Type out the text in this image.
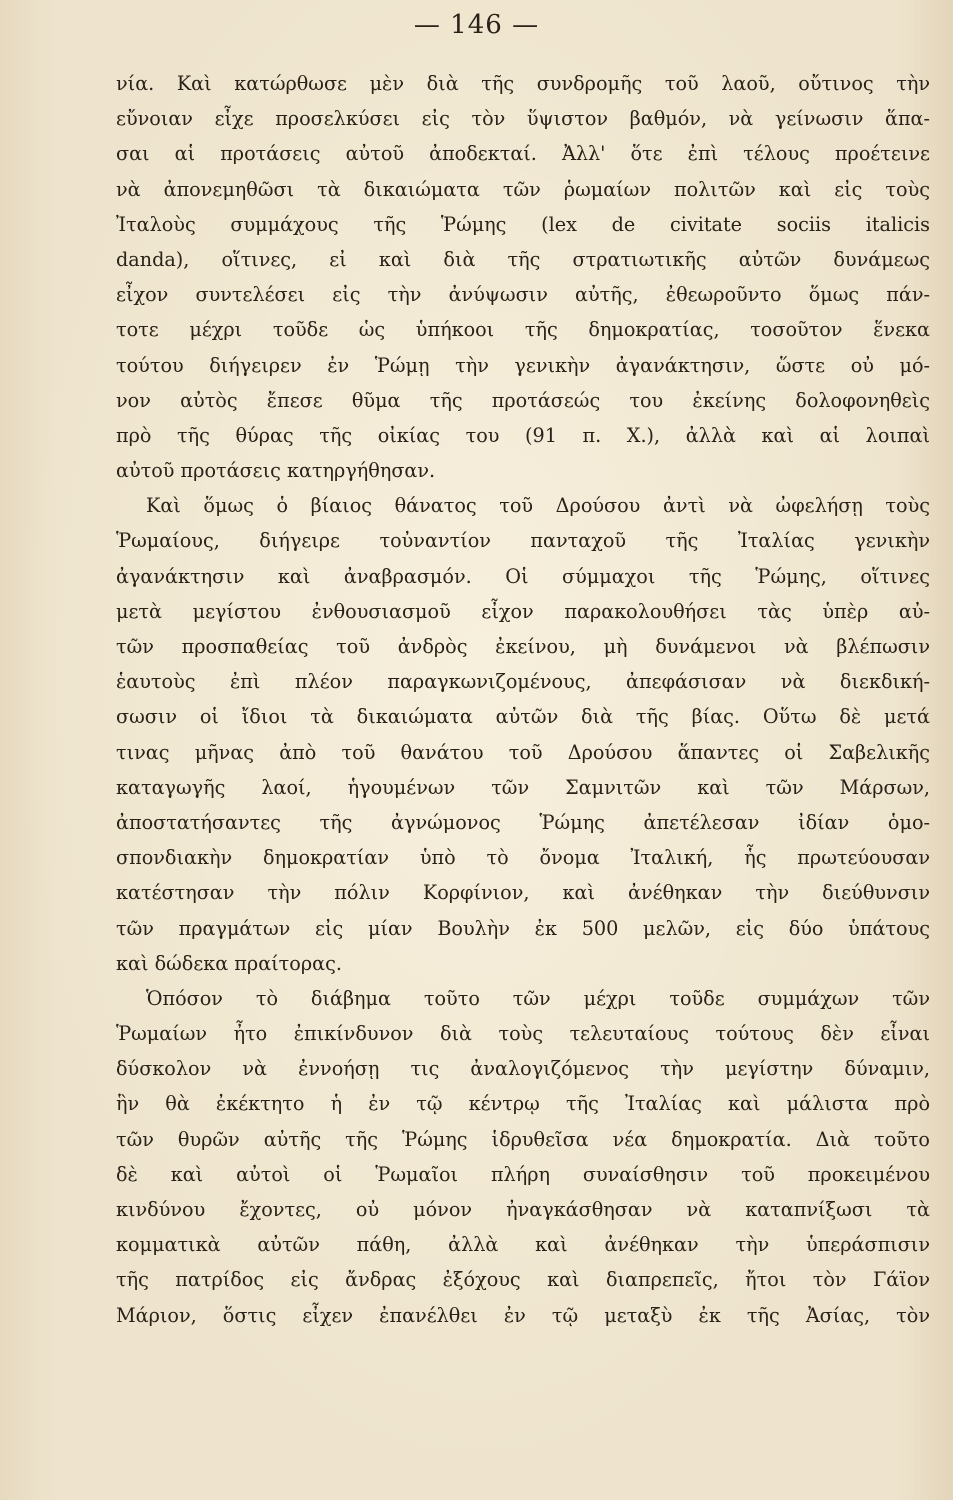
— 146 —
νία. Καὶ κατώρθωσε μὲν διὰ τῆς συνδρομῆς τοῦ λαοῦ, οὔτινος τὴν
εὔνοιαν εἶχε προσελκύσει εἰς τὸν ὕψιστον βαθμόν, νὰ γείνωσιν ἅπα-
σαι αἱ προτάσεις αὐτοῦ ἀποδεκταί. Ἀλλ' ὅτε ἐπὶ τέλους προέτεινε
νὰ ἀπονεμηθῶσι τὰ δικαιώματα τῶν ῥωμαίων πολιτῶν καὶ εἰς τοὺς
Ἰταλοὺς συμμάχους τῆς Ῥώμης (lex de civitate sociis italicis
danda), οἵτινες, εἰ καὶ διὰ τῆς στρατιωτικῆς αὐτῶν δυνάμεως
εἶχον συντελέσει εἰς τὴν ἀνύψωσιν αὐτῆς, ἐθεωροῦντο ὅμως πάν-
τοτε μέχρι τοῦδε ὡς ὑπήκοοι τῆς δημοκρατίας, τοσοῦτον ἕνεκα
τούτου διήγειρεν ἐν Ῥώμῃ τὴν γενικὴν ἀγανάκτησιν, ὥστε οὐ μό-
νον αὐτὸς ἔπεσε θῦμα τῆς προτάσεώς του ἐκείνης δολοφονηθεὶς
πρὸ τῆς θύρας τῆς οἰκίας του (91 π. Χ.), ἀλλὰ καὶ αἱ λοιπαὶ
αὐτοῦ προτάσεις κατηργήθησαν.
Καὶ ὅμως ὁ βίαιος θάνατος τοῦ Δρούσου ἀντὶ νὰ ὠφελήσῃ τοὺς
Ῥωμαίους, διήγειρε τοὐναντίον πανταχοῦ τῆς Ἰταλίας γενικὴν
ἀγανάκτησιν καὶ ἀναβρασμόν. Οἱ σύμμαχοι τῆς Ῥώμης, οἵτινες
μετὰ μεγίστου ἐνθουσιασμοῦ εἶχον παρακολουθήσει τὰς ὑπὲρ αὐ-
τῶν προσπαθείας τοῦ ἀνδρὸς ἐκείνου, μὴ δυνάμενοι νὰ βλέπωσιν
ἑαυτοὺς ἐπὶ πλέον παραγκωνιζομένους, ἀπεφάσισαν νὰ διεκδική-
σωσιν οἱ ἴδιοι τὰ δικαιώματα αὐτῶν διὰ τῆς βίας. Οὕτω δὲ μετά
τινας μῆνας ἀπὸ τοῦ θανάτου τοῦ Δρούσου ἅπαντες οἱ Σαβελικῆς
καταγωγῆς λαοί, ἡγουμένων τῶν Σαμνιτῶν καὶ τῶν Μάρσων,
ἀποστατήσαντες τῆς ἀγνώμονος Ῥώμης ἀπετέλεσαν ἰδίαν ὁμο-
σπονδιακὴν δημοκρατίαν ὑπὸ τὸ ὄνομα Ἰταλική, ἧς πρωτεύουσαν
κατέστησαν τὴν πόλιν Κορφίνιον, καὶ ἀνέθηκαν τὴν διεύθυνσιν
τῶν πραγμάτων εἰς μίαν Βουλὴν ἐκ 500 μελῶν, εἰς δύο ὑπάτους
καὶ δώδεκα πραίτορας.
Ὁπόσον τὸ διάβημα τοῦτο τῶν μέχρι τοῦδε συμμάχων τῶν
Ῥωμαίων ἦτο ἐπικίνδυνον διὰ τοὺς τελευταίους τούτους δὲν εἶναι
δύσκολον νὰ ἐννοήσῃ τις ἀναλογιζόμενος τὴν μεγίστην δύναμιν,
ἣν θὰ ἐκέκτητο ἡ ἐν τῷ κέντρῳ τῆς Ἰταλίας καὶ μάλιστα πρὸ
τῶν θυρῶν αὐτῆς τῆς Ῥώμης ἱδρυθεῖσα νέα δημοκρατία. Διὰ τοῦτο
δὲ καὶ αὐτοὶ οἱ Ῥωμαῖοι πλήρη συναίσθησιν τοῦ προκειμένου
κινδύνου ἔχοντες, οὐ μόνον ἠναγκάσθησαν νὰ καταπνίξωσι τὰ
κομματικὰ αὐτῶν πάθη, ἀλλὰ καὶ ἀνέθηκαν τὴν ὑπεράσπισιν
τῆς πατρίδος εἰς ἄνδρας ἐξόχους καὶ διαπρεπεῖς, ἤτοι τὸν Γάϊον
Μάριον, ὅστις εἶχεν ἐπανέλθει ἐν τῷ μεταξὺ ἐκ τῆς Ἀσίας, τὸν
